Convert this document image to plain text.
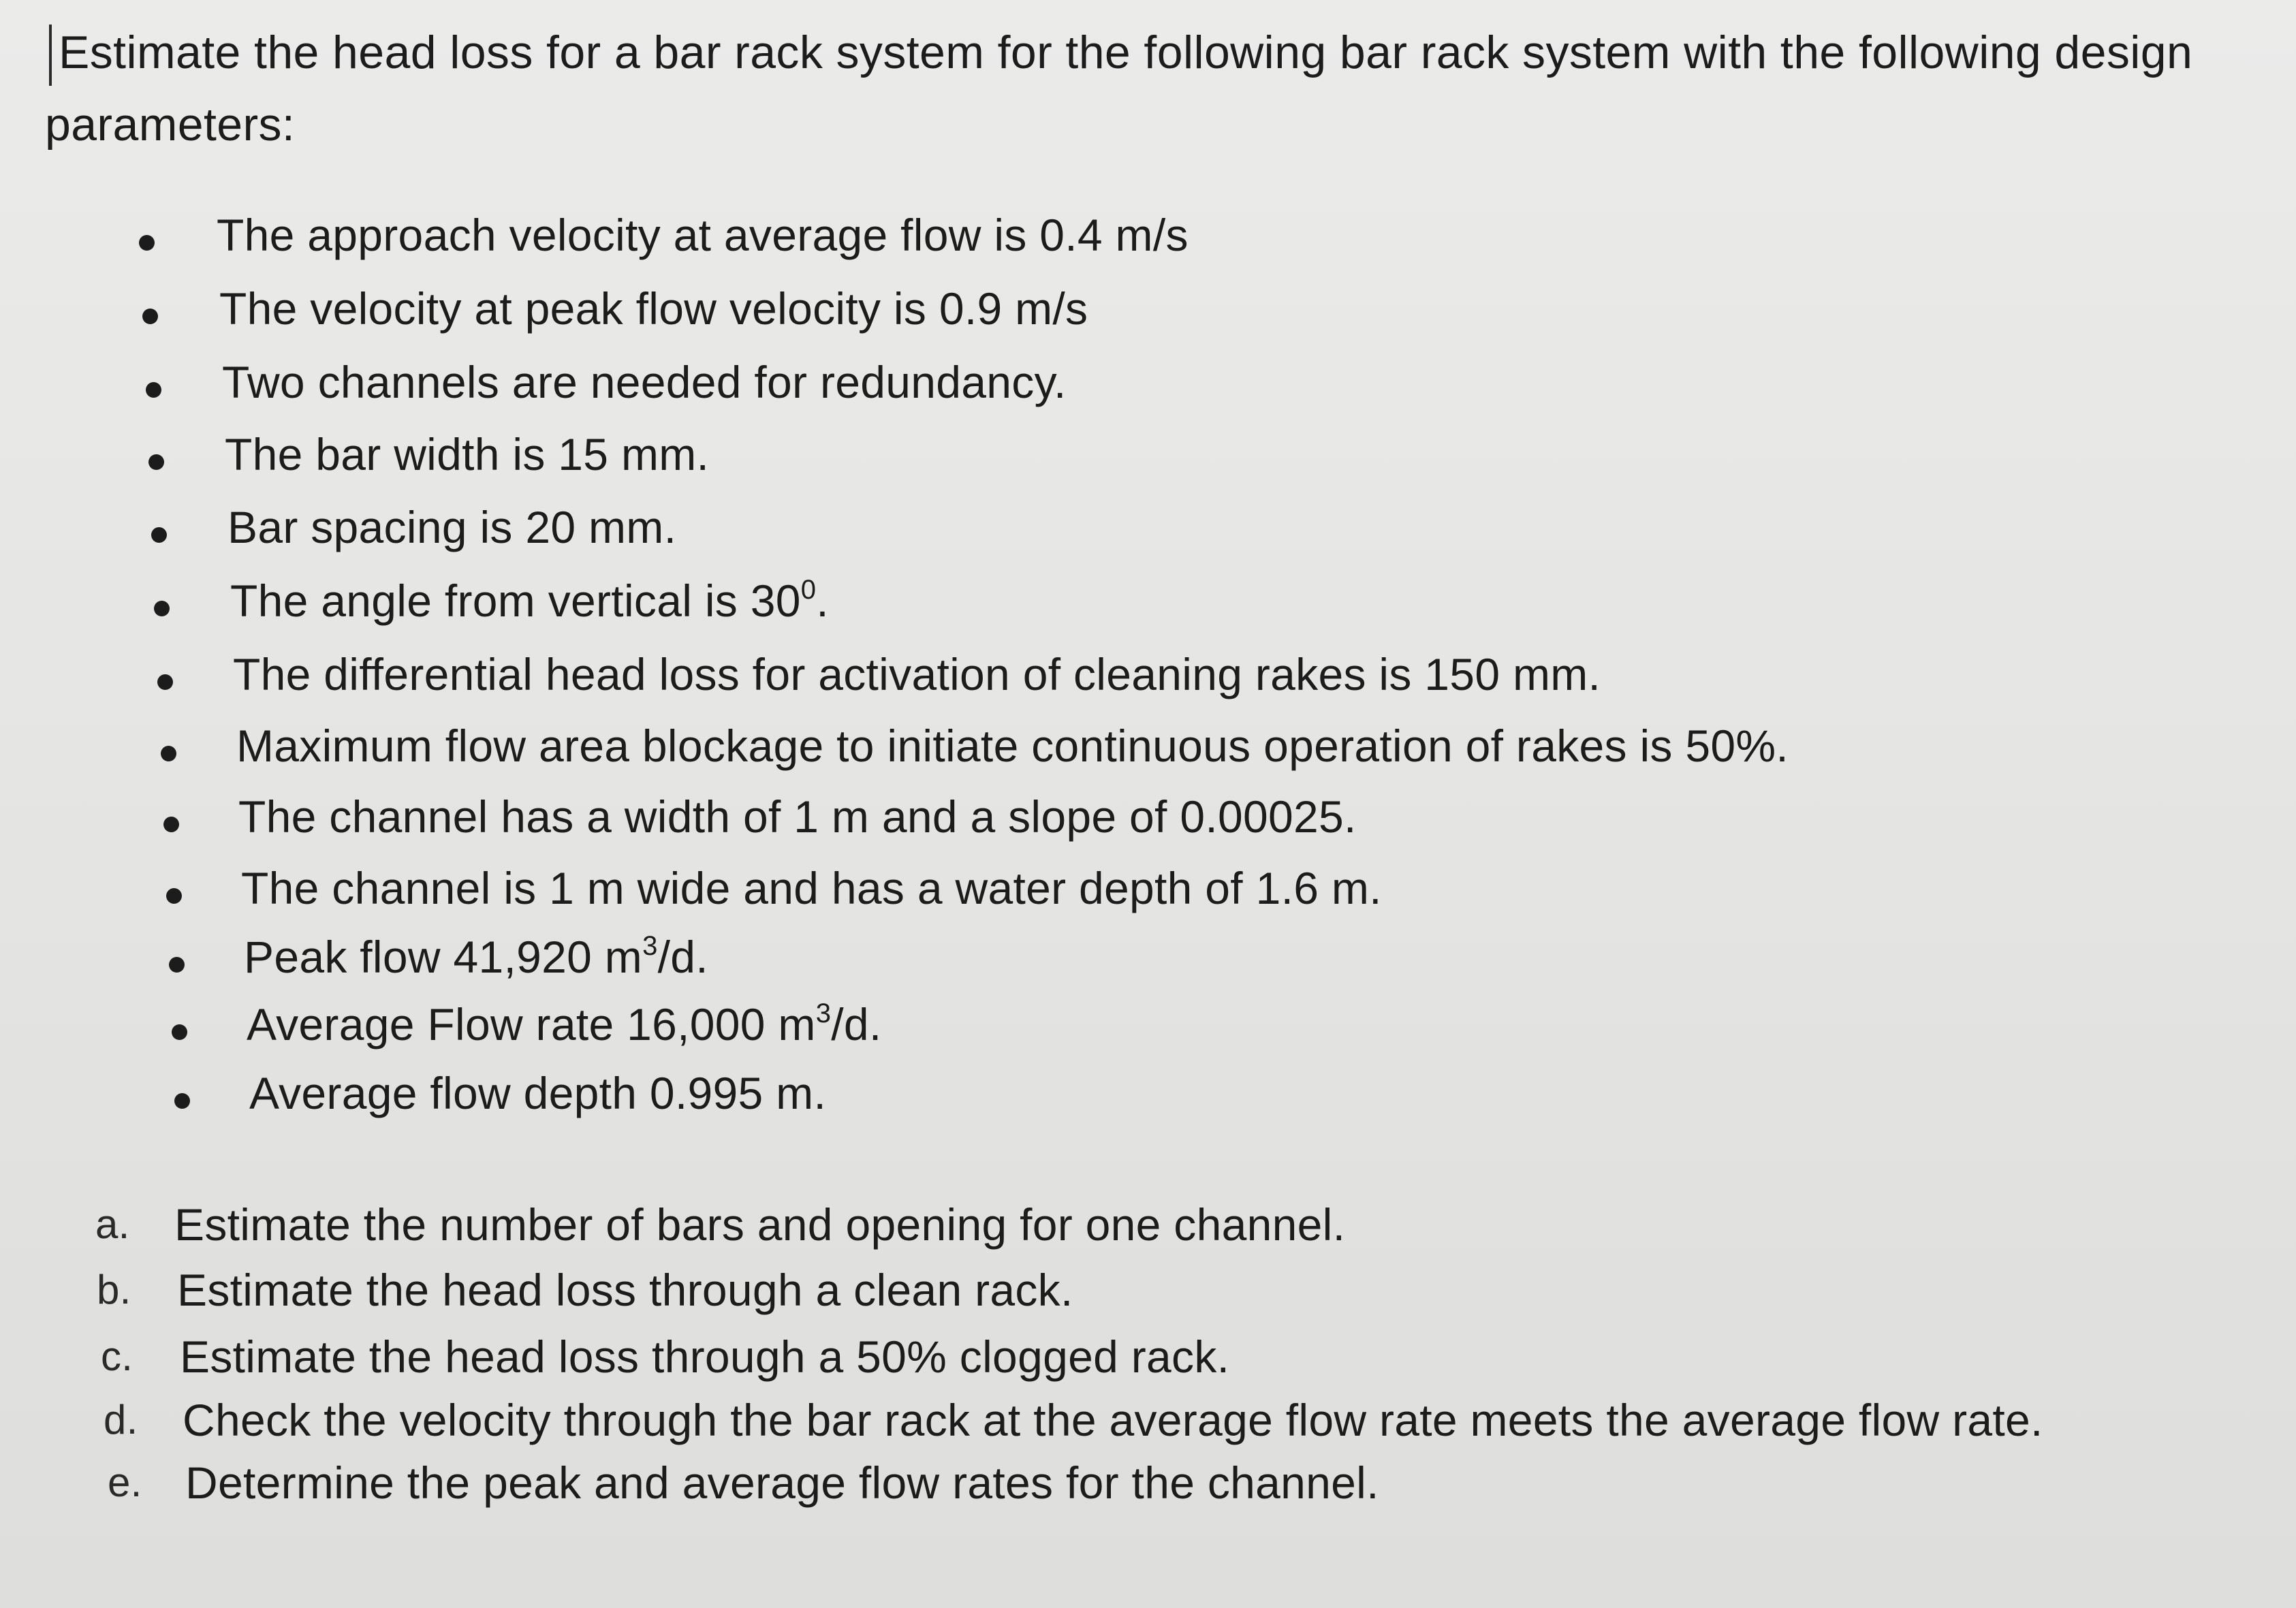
Estimate the head loss for a bar rack system for the following bar rack system with the following design
parameters:

The approach velocity at average flow is 0.4 m/s
The velocity at peak flow velocity is 0.9 m/s
Two channels are needed for redundancy.
The bar width is 15 mm.
Bar spacing is 20 mm.
The angle from vertical is $30^0$.
The differential head loss for activation of cleaning rakes is 150 mm.
Maximum flow area blockage to initiate continuous operation of rakes is 50%.
The channel has a width of 1 m and a slope of 0.00025.
The channel is 1 m wide and has a water depth of 1.6 m.
Peak flow 41,920 $m^3/d$.
Average Flow rate 16,000 $m^3/d$.
Average flow depth 0.995 m.
a. Estimate the number of bars and opening for one channel.
b. Estimate the head loss through a clean rack.
c. Estimate the head loss through a 50% clogged rack.
d. Check the velocity through the bar rack at the average flow rate meets the average flow rate.
e. Determine the peak and average flow rates for the channel.
